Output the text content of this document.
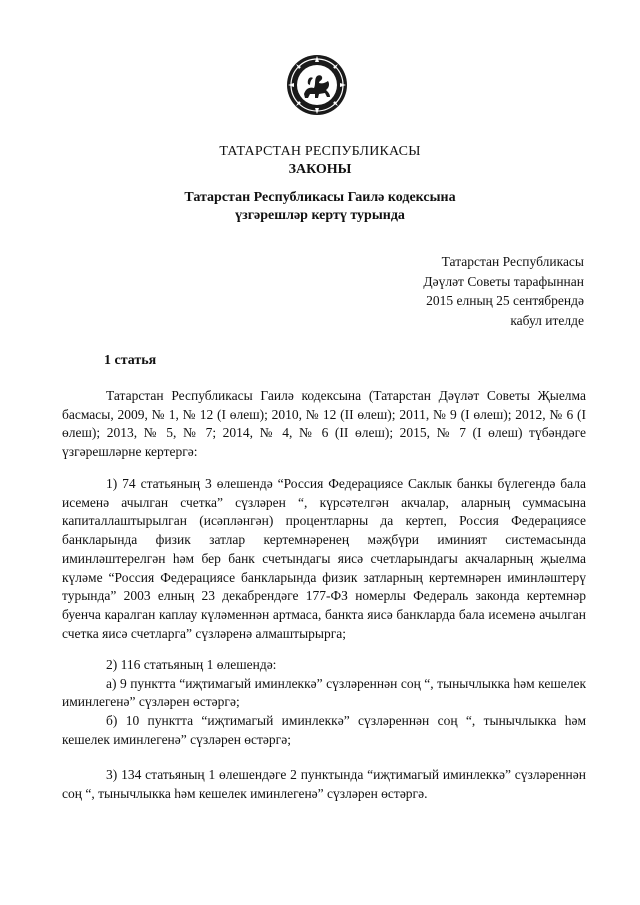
ТАТАРСТАН РЕСПУБЛИКАСЫ
ЗАКОНЫ
Татарстан Республикасы Гаилә кодексына
үзгәрешләр кертү турында
Татарстан Республикасы
Дәүләт Советы тарафыннан
2015 елның 25 сентябрендә
кабул ителде
1 статья
Татарстан Республикасы Гаилә кодексына (Татарстан Дәүләт Советы Җыелма басмасы, 2009, № 1, № 12 (I өлеш); 2010, № 12 (II өлеш); 2011, № 9 (I өлеш); 2012, № 6 (I өлеш); 2013, № 5, № 7; 2014, № 4, № 6 (II өлеш); 2015, № 7 (I өлеш) түбәндәге үзгәрешләрне кертергә:
1) 74 статьяның 3 өлешендә “Россия Федерациясе Саклык банкы бүлегендә бала исеменә ачылган счетка” сүзләрен “, күрсәтелгән акчалар, аларның суммасына капиталлаштырылган (исәпләнгән) процентларны да кертеп, Россия Федерациясе банкларында физик затлар кертемнәренең мәҗбүри иминият системасында иминләштерелгән һәм бер банк счетындагы яисә счетларындагы акчаларның җыелма күләме “Россия Федерациясе банкларында физик затларның кертемнәрен иминләштерү турында” 2003 елның 23 декабрендәге 177-ФЗ номерлы Федераль законда кертемнәр буенча каралган каплау күләменнән артмаса, банкта яисә банкларда бала исеменә ачылган счетка яисә счетларга” сүзләренә алмаштырырга;
2) 116 статьяның 1 өлешендә:
а) 9 пунктта “иҗтимагый иминлеккә” сүзләреннән соң “, тынычлыкка һәм кешелек иминлегенә” сүзләрен өстәргә;
б) 10 пунктта “иҗтимагый иминлеккә” сүзләреннән соң “, тынычлыкка һәм кешелек иминлегенә” сүзләрен өстәргә;
3) 134 статьяның 1 өлешендәге 2 пунктында “иҗтимагый иминлеккә” сүзләреннән соң “, тынычлыкка һәм кешелек иминлегенә” сүзләрен өстәргә.
